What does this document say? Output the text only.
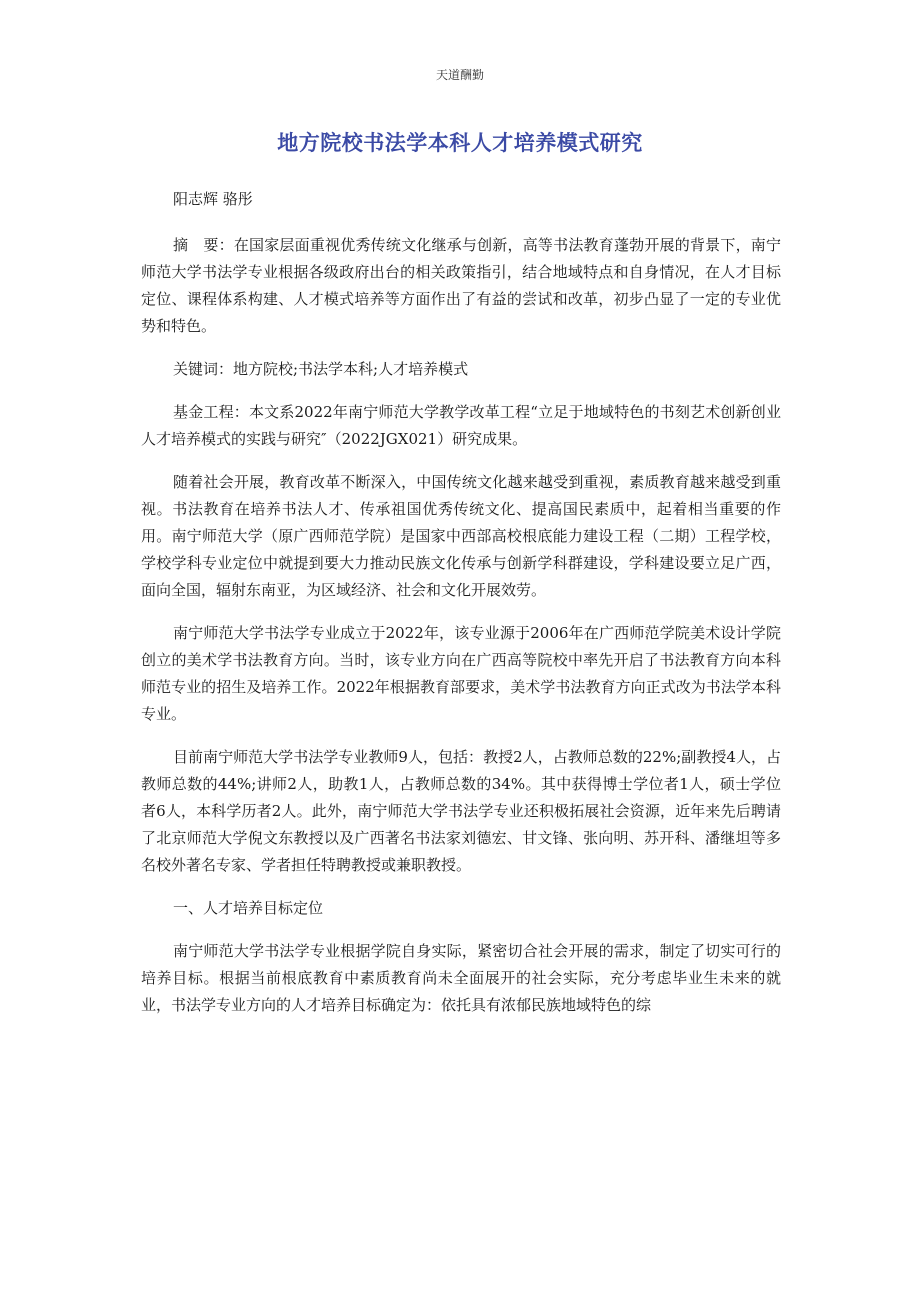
天道酬勤
地方院校书法学本科人才培养模式研究

阳志辉 骆彤

摘　要：在国家层面重视优秀传统文化继承与创新，高等书法教育蓬勃开展的背景下，南宁师范大学书法学专业根据各级政府出台的相关政策指引，结合地域特点和自身情况，在人才目标定位、课程体系构建、人才模式培养等方面作出了有益的尝试和改革，初步凸显了一定的专业优势和特色。

关键词：地方院校;书法学本科;人才培养模式

基金工程：本文系2022年南宁师范大学教学改革工程“立足于地域特色的书刻艺术创新创业人才培养模式的实践与研究″（2022JGX021）研究成果。

随着社会开展，教育改革不断深入，中国传统文化越来越受到重视，素质教育越来越受到重视。书法教育在培养书法人才、传承祖国优秀传统文化、提高国民素质中，起着相当重要的作用。南宁师范大学（原广西师范学院）是国家中西部高校根底能力建设工程（二期）工程学校，学校学科专业定位中就提到要大力推动民族文化传承与创新学科群建设，学科建设要立足广西，面向全国，辐射东南亚，为区域经济、社会和文化开展效劳。

南宁师范大学书法学专业成立于2022年，该专业源于2006年在广西师范学院美术设计学院创立的美术学书法教育方向。当时，该专业方向在广西高等院校中率先开启了书法教育方向本科师范专业的招生及培养工作。2022年根据教育部要求，美术学书法教育方向正式改为书法学本科专业。

目前南宁师范大学书法学专业教师9人，包括：教授2人，占教师总数的22%;副教授4人，占教师总数的44%;讲师2人，助教1人，占教师总数的34%。其中获得博士学位者1人，硕士学位者6人，本科学历者2人。此外，南宁师范大学书法学专业还积极拓展社会资源，近年来先后聘请了北京师范大学倪文东教授以及广西著名书法家刘德宏、甘文锋、张向明、苏开科、潘继坦等多名校外著名专家、学者担任特聘教授或兼职教授。

一、人才培养目标定位

南宁师范大学书法学专业根据学院自身实际，紧密切合社会开展的需求，制定了切实可行的培养目标。根据当前根底教育中素质教育尚未全面展开的社会实际，充分考虑毕业生未来的就业，书法学专业方向的人才培养目标确定为：依托具有浓郁民族地域特色的综
